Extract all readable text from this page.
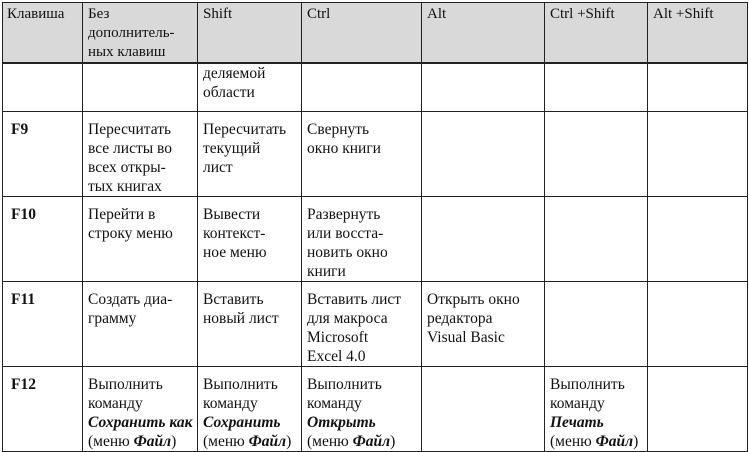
Клавиша	Без
дополнитель-
ных клавиш	Shift	Ctrl	Alt	Ctrl +Shift	Alt +Shift

		деляемой
области				

F9	Пересчитать
все листы во
всех откры-
тых книгах	Пересчитать
текущий
лист	Свернуть
окно книги			

F10	Перейти в
строку меню	Вывести
контекст-
ное меню	Развернуть
или восста-
новить окно
книги			

F11	Создать диа-
грамму	Вставить
новый лист	Вставить лист
для макроса
Microsoft
Excel 4.0	Открыть окно
редактора
Visual Basic		

F12	Выполнить
команду
Сохранить как
(меню Файл)	Выполнить
команду
Сохранить
(меню Файл)	Выполнить
команду
Открыть
(меню Файл)		Выполнить
команду
Печать
(меню Файл)	
